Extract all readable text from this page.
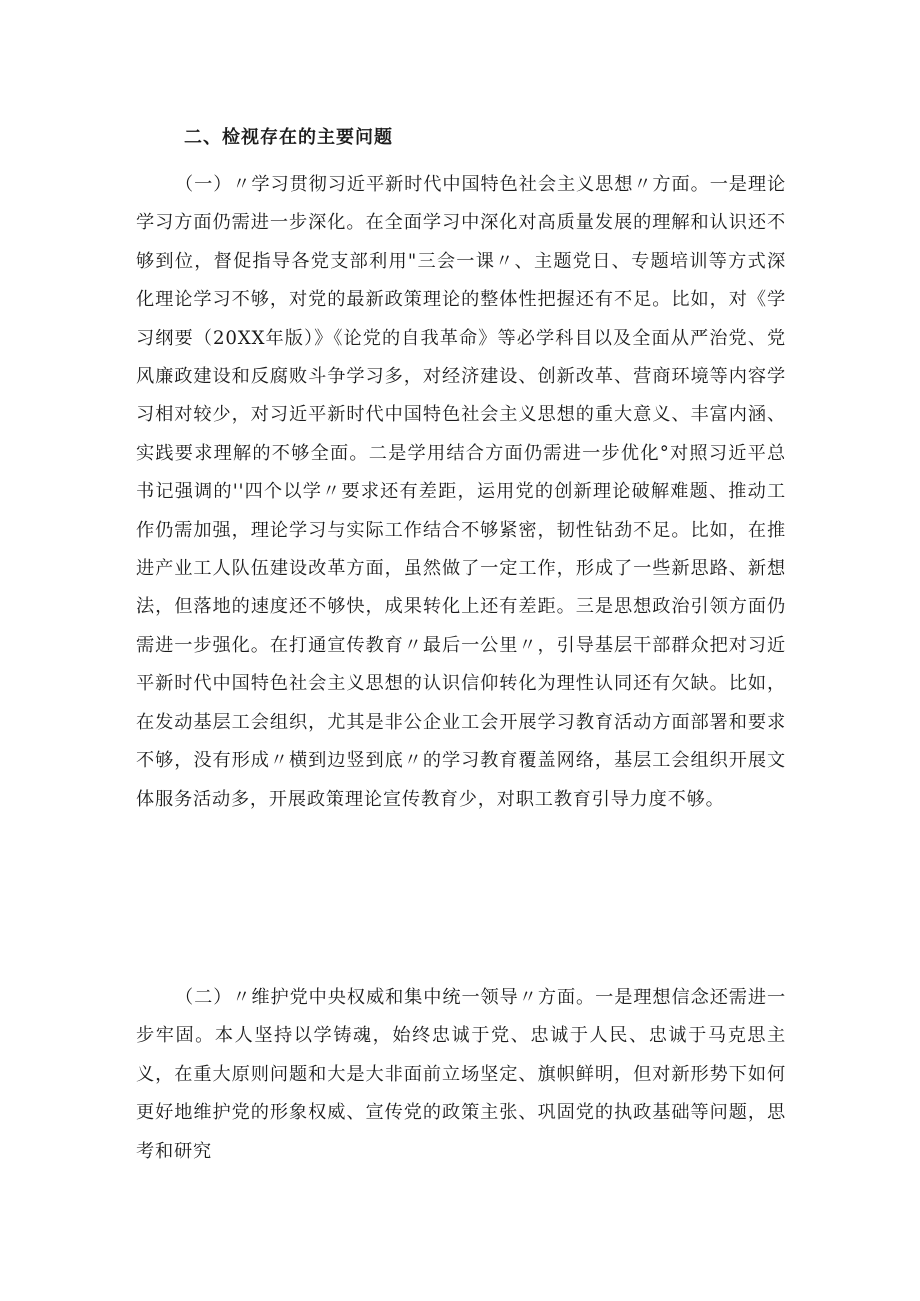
二、检视存在的主要问题

（一）〃学习贯彻习近平新时代中国特色社会主义思想〃方面。一是理论学习方面仍需进一步深化。在全面学习中深化对高质量发展的理解和认识还不够到位，督促指导各党支部利用"三会一课〃、主题党日、专题培训等方式深化理论学习不够，对党的最新政策理论的整体性把握还有不足。比如，对《学习纲要（20XX年版）》《论党的自我革命》等必学科目以及全面从严治党、党风廉政建设和反腐败斗争学习多，对经济建设、创新改革、营商环境等内容学习相对较少，对习近平新时代中国特色社会主义思想的重大意义、丰富内涵、实践要求理解的不够全面。二是学用结合方面仍需进一步优化°对照习近平总书记强调的''四个以学〃要求还有差距，运用党的创新理论破解难题、推动工作仍需加强，理论学习与实际工作结合不够紧密，韧性钻劲不足。比如，在推进产业工人队伍建设改革方面，虽然做了一定工作，形成了一些新思路、新想法，但落地的速度还不够快，成果转化上还有差距。三是思想政治引领方面仍需进一步强化。在打通宣传教育〃最后一公里〃，引导基层干部群众把对习近平新时代中国特色社会主义思想的认识信仰转化为理性认同还有欠缺。比如，在发动基层工会组织，尤其是非公企业工会开展学习教育活动方面部署和要求不够，没有形成〃横到边竖到底〃的学习教育覆盖网络，基层工会组织开展文体服务活动多，开展政策理论宣传教育少，对职工教育引导力度不够。

（二）〃维护党中央权威和集中统一领导〃方面。一是理想信念还需进一步牢固。本人坚持以学铸魂，始终忠诚于党、忠诚于人民、忠诚于马克思主义，在重大原则问题和大是大非面前立场坚定、旗帜鲜明，但对新形势下如何更好地维护党的形象权威、宣传党的政策主张、巩固党的执政基础等问题，思考和研究
